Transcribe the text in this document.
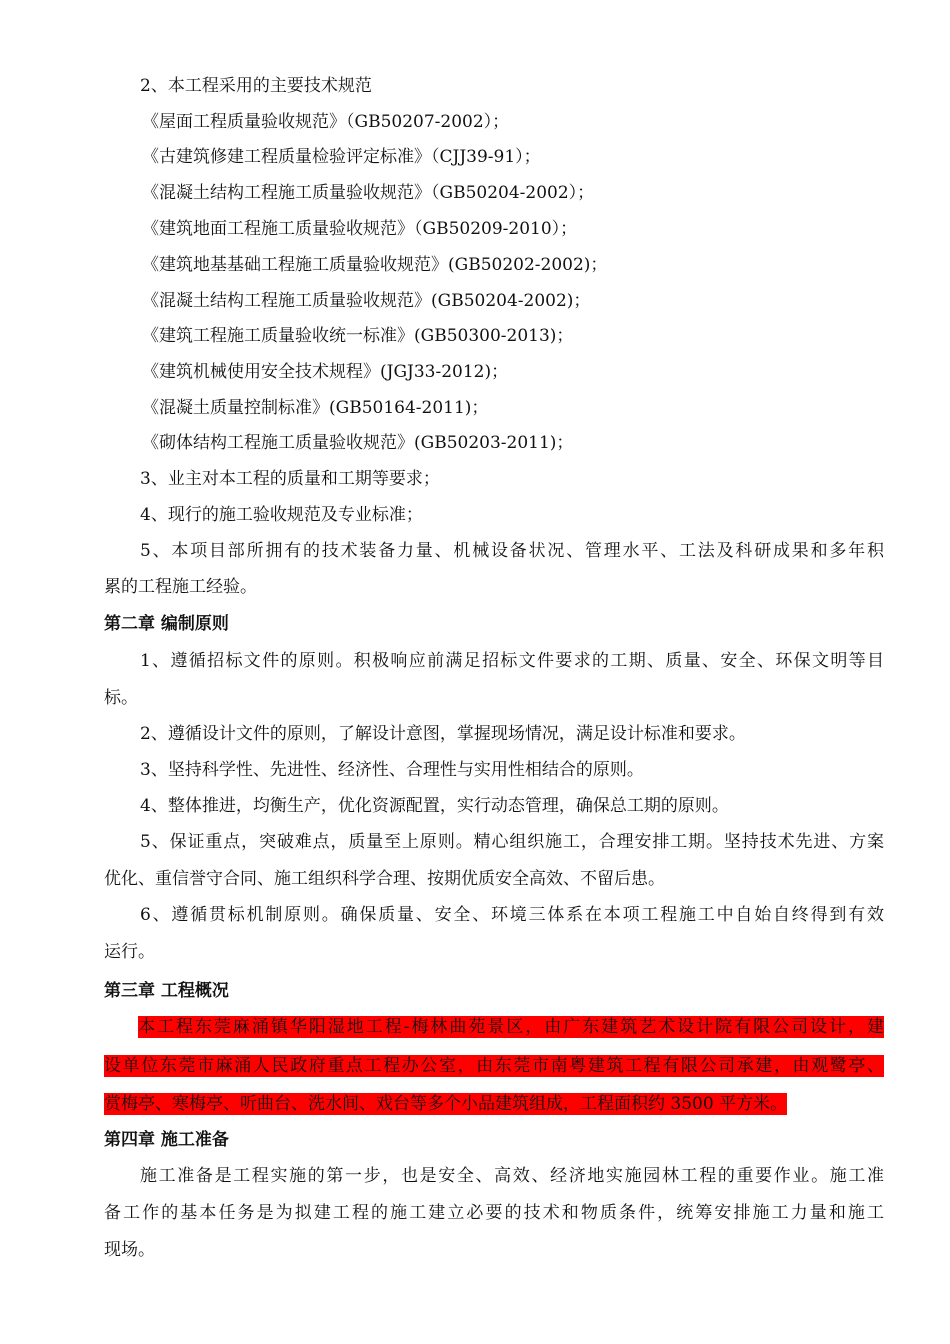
2、本工程采用的主要技术规范
《屋面工程质量验收规范》（GB50207-2002）；
《古建筑修建工程质量检验评定标准》（CJJ39-91）；
《混凝土结构工程施工质量验收规范》（GB50204-2002）；
《建筑地面工程施工质量验收规范》（GB50209-2010）；
《建筑地基基础工程施工质量验收规范》(GB50202-2002)；
《混凝土结构工程施工质量验收规范》(GB50204-2002)；
《建筑工程施工质量验收统一标准》(GB50300-2013)；
《建筑机械使用安全技术规程》(JGJ33-2012)；
《混凝土质量控制标准》(GB50164-2011)；
《砌体结构工程施工质量验收规范》(GB50203-2011)；
3、业主对本工程的质量和工期等要求；
4、现行的施工验收规范及专业标准；
5、本项目部所拥有的技术装备力量、机械设备状况、管理水平、工法及科研成果和多年积
累的工程施工经验。
第二章 编制原则
1、遵循招标文件的原则。积极响应前满足招标文件要求的工期、质量、安全、环保文明等目
标。
2、遵循设计文件的原则，了解设计意图，掌握现场情况，满足设计标准和要求。
3、坚持科学性、先进性、经济性、合理性与实用性相结合的原则。
4、整体推进，均衡生产，优化资源配置，实行动态管理，确保总工期的原则。
5、保证重点，突破难点，质量至上原则。精心组织施工，合理安排工期。坚持技术先进、方案
优化、重信誉守合同、施工组织科学合理、按期优质安全高效、不留后患。
6、遵循贯标机制原则。确保质量、安全、环境三体系在本项工程施工中自始自终得到有效
运行。
第三章 工程概况
本工程东莞麻涌镇华阳湿地工程-梅林曲苑景区，由广东建筑艺术设计院有限公司设计，建
设单位东莞市麻涌人民政府重点工程办公室，由东莞市南粤建筑工程有限公司承建，由观鹭亭、
赏梅亭、寒梅亭、听曲台、洗水间、戏台等多个小品建筑组成，工程面积约 3500 平方米。
第四章 施工准备
施工准备是工程实施的第一步，也是安全、高效、经济地实施园林工程的重要作业。施工准
备工作的基本任务是为拟建工程的施工建立必要的技术和物质条件，统筹安排施工力量和施工
现场。
